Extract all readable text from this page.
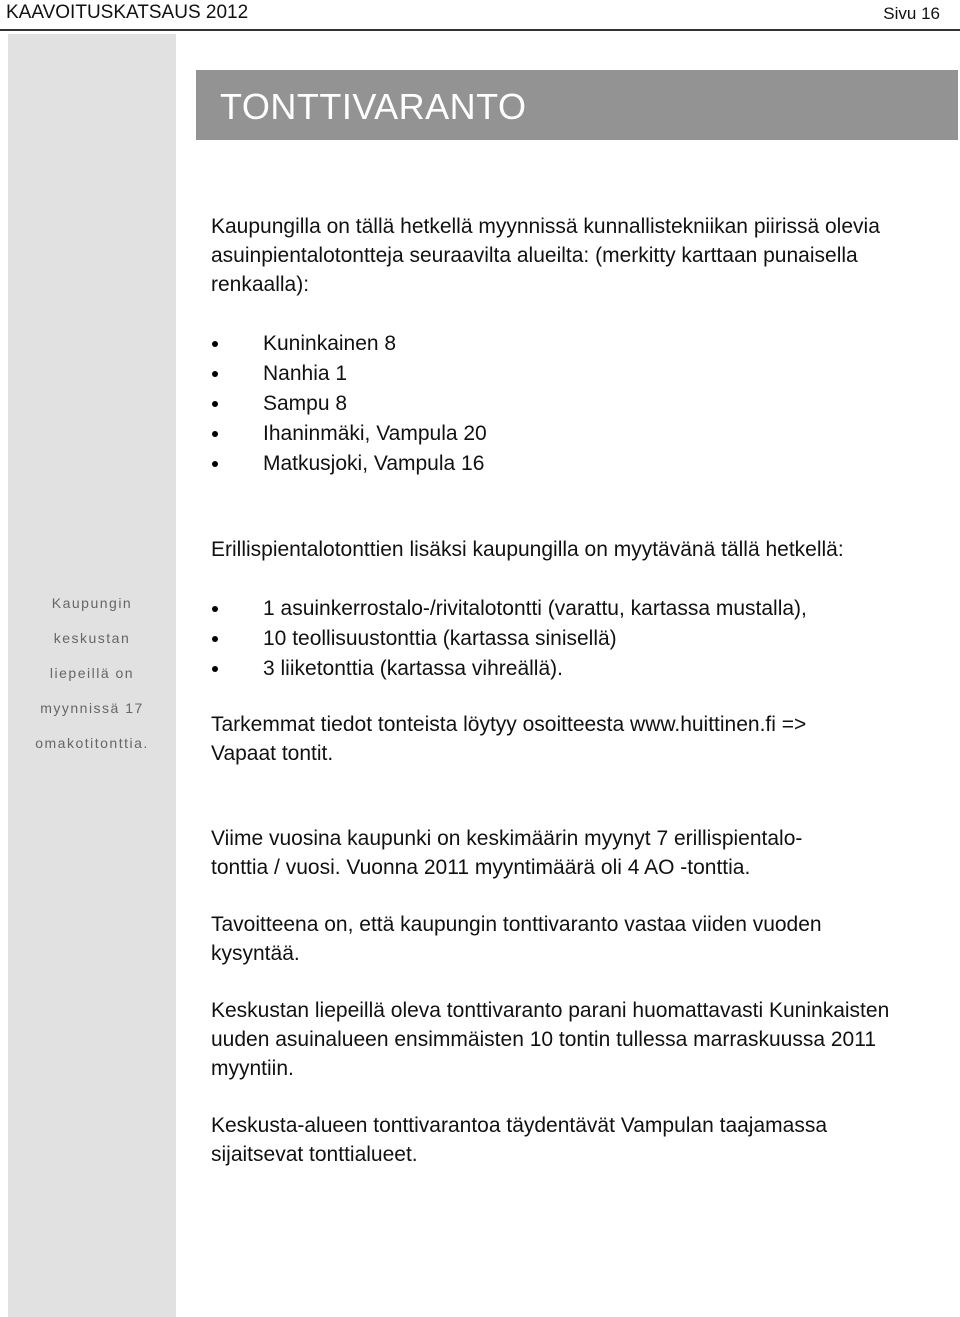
KAAVOITUSKATSAUS 2012	Sivu 16
Kaupungin
keskustan
liepeillä on
myynnissä 17
omakotitonttia.
TONTTIVARANTO

Kaupungilla on tällä hetkellä myynnissä kunnallistekniikan piirissä olevia asuinpientalotontteja seuraavilta alueilta: (merkitty karttaan punaisella renkaalla):

Kuninkainen 8
Nanhia 1
Sampu 8
Ihaninmäki, Vampula 20
Matkusjoki, Vampula 16

Erillispientalotonttien lisäksi kaupungilla on myytävänä tällä hetkellä:

1 asuinkerrostalo-/rivitalotontti (varattu, kartassa mustalla),
10 teollisuustonttia (kartassa sinisellä)
3 liiketonttia (kartassa vihreällä).

Tarkemmat tiedot tonteista löytyy osoitteesta www.huittinen.fi =>
Vapaat tontit.

Viime vuosina kaupunki on keskimäärin myynyt 7 erillispientalo-
tonttia / vuosi. Vuonna 2011 myyntimäärä oli 4 AO -tonttia.

Tavoitteena on, että kaupungin tonttivaranto vastaa viiden vuoden kysyntää.

Keskustan liepeillä oleva tonttivaranto parani huomattavasti Kuninkaisten uuden asuinalueen ensimmäisten 10 tontin tullessa marraskuussa 2011 myyntiin.

Keskusta-alueen tonttivarantoa täydentävät Vampulan taajamassa sijaitsevat tonttialueet.
